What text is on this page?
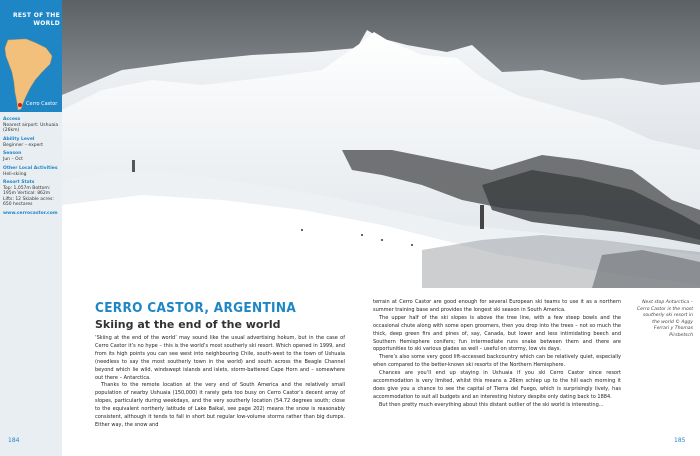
REST OF THE WORLD
Cerro Castor
Access
Nearest airport: Ushuaia (26km)
Ability Level
Beginner – expert
Season
Jun – Oct
Other Local Activities
Heli-skiing
Resort Stats
Top: 1,057m Bottom: 195m Vertical: 862m Lifts: 12 Skiable acres: 650 hectares
www.cerrocastor.com
CERRO CASTOR, ARGENTINA
Skiing at the end of the world

‘Skiing at the end of the world’ may sound like the usual advertising hokum, but in the case of Cerro Castor it’s no hype – this is the world’s most southerly ski resort. Which opened in 1999, and from its high points you can see west into neighbouring Chile, south-west to the town of Ushuaia (needless to say the most southerly town in the world) and south across the Beagle Channel beyond which lie wild, windswept islands and islets, storm-battered Cape Horn and – somewhere out there – Antarctica.

Thanks to the remote location at the very end of South America and the relatively small population of nearby Ushuaia (150,000) it rarely gets too busy on Cerro Castor’s decent array of slopes, particularly during weekdays, and the very southerly location (54.72 degrees south; close to the equivalent northerly latitude of Lake Baikal, see page 202) means the snow is reasonably consistent, although it tends to fall in short but regular low-volume storms rather than big dumps. Either way, the snow and

terrain at Cerro Castor are good enough for several European ski teams to use it as a northern summer training base and provides the longest ski season in South America.

The upper half of the ski slopes is above the tree line, with a few steep bowls and the occasional chute along with some open groomers, then you drop into the trees – not so much the thick, deep green firs and pines of, say, Canada, but lower and less intimidating beech and Southern Hemisphere conifers; fun intermediate runs snake between them and there are opportunities to ski various glades as well – useful on stormy, low vis days.

There’s also some very good lift-accessed backcountry which can be relatively quiet, especially when compared to the better-known ski resorts of the Northern Hemisphere.

Chances are you’ll end up staying in Ushuaia if you ski Cerro Castor since resort accommodation is very limited, whilst this means a 26km schlep up to the hill each morning it does give you a chance to see the capital of Tierra del Fuego, which is surprisingly lively, has accommodation to suit all budgets and an interesting history despite only dating back to 1884.

But then pretty much everything about this distant outlier of the ski world is interesting...

Next stop Antarctica – Cerro Castor is the most southerly ski resort in the world © Aggy Ferrari y Thomas Pirsbetsch
184	185
